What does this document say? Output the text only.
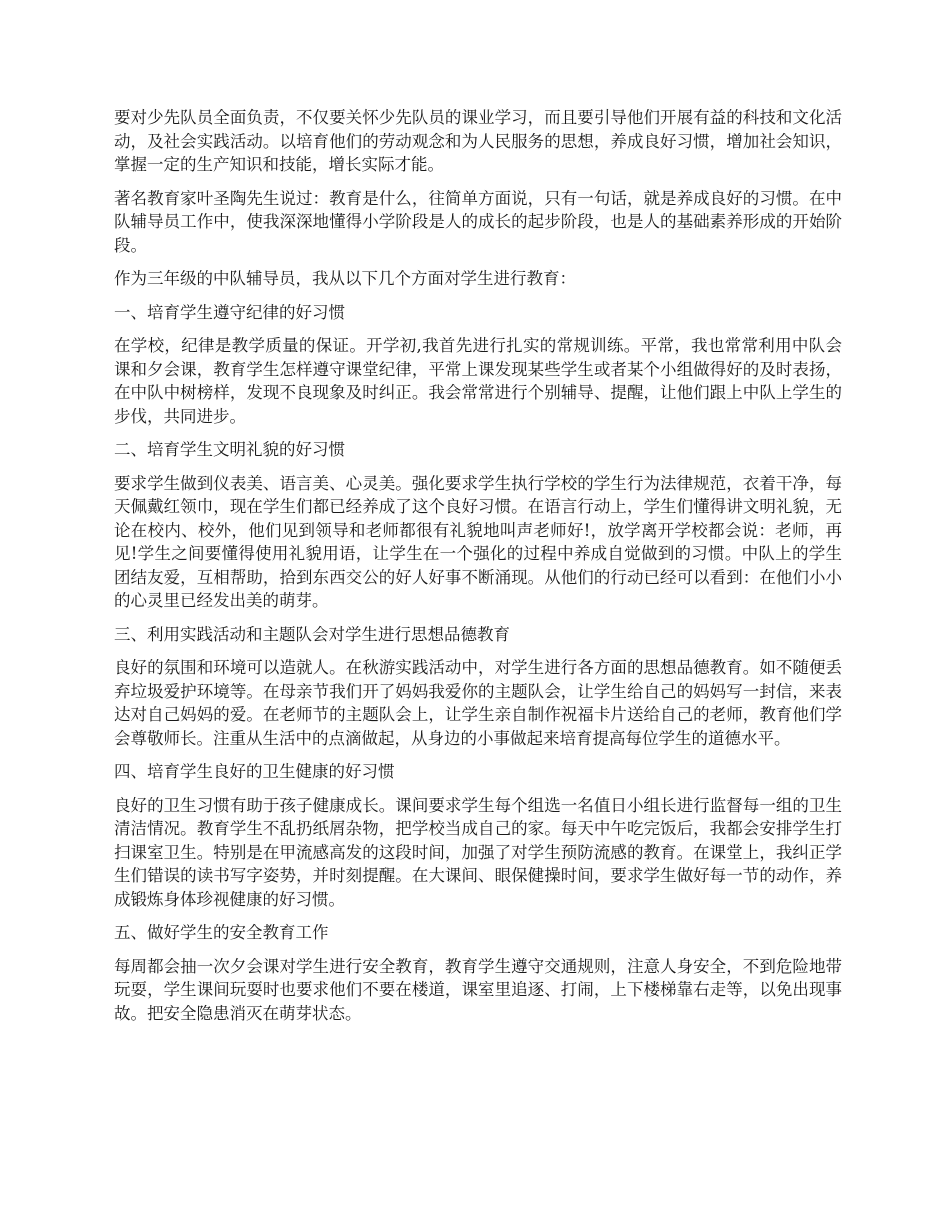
要对少先队员全面负责，不仅要关怀少先队员的课业学习，而且要引导他们开展有益的科技和文化活动，及社会实践活动。以培育他们的劳动观念和为人民服务的思想，养成良好习惯，增加社会知识，掌握一定的生产知识和技能，增长实际才能。

著名教育家叶圣陶先生说过：教育是什么，往简单方面说，只有一句话，就是养成良好的习惯。在中队辅导员工作中，使我深深地懂得小学阶段是人的成长的起步阶段，也是人的基础素养形成的开始阶段。

作为三年级的中队辅导员，我从以下几个方面对学生进行教育：

一、培育学生遵守纪律的好习惯

在学校，纪律是教学质量的保证。开学初,我首先进行扎实的常规训练。平常，我也常常利用中队会课和夕会课，教育学生怎样遵守课堂纪律，平常上课发现某些学生或者某个小组做得好的及时表扬，在中队中树榜样，发现不良现象及时纠正。我会常常进行个别辅导、提醒，让他们跟上中队上学生的步伐，共同进步。

二、培育学生文明礼貌的好习惯

要求学生做到仪表美、语言美、心灵美。强化要求学生执行学校的学生行为法律规范，衣着干净，每天佩戴红领巾，现在学生们都已经养成了这个良好习惯。在语言行动上，学生们懂得讲文明礼貌，无论在校内、校外，他们见到领导和老师都很有礼貌地叫声老师好!，放学离开学校都会说：老师，再见!学生之间要懂得使用礼貌用语，让学生在一个强化的过程中养成自觉做到的习惯。中队上的学生团结友爱，互相帮助，拾到东西交公的好人好事不断涌现。从他们的行动已经可以看到：在他们小小的心灵里已经发出美的萌芽。

三、利用实践活动和主题队会对学生进行思想品德教育

良好的氛围和环境可以造就人。在秋游实践活动中，对学生进行各方面的思想品德教育。如不随便丢弃垃圾爱护环境等。在母亲节我们开了妈妈我爱你的主题队会，让学生给自己的妈妈写一封信，来表达对自己妈妈的爱。在老师节的主题队会上，让学生亲自制作祝福卡片送给自己的老师，教育他们学会尊敬师长。注重从生活中的点滴做起，从身边的小事做起来培育提高每位学生的道德水平。

四、培育学生良好的卫生健康的好习惯

良好的卫生习惯有助于孩子健康成长。课间要求学生每个组选一名值日小组长进行监督每一组的卫生清洁情况。教育学生不乱扔纸屑杂物，把学校当成自己的家。每天中午吃完饭后，我都会安排学生打扫课室卫生。特别是在甲流感高发的这段时间，加强了对学生预防流感的教育。在课堂上，我纠正学生们错误的读书写字姿势，并时刻提醒。在大课间、眼保健操时间，要求学生做好每一节的动作，养成锻炼身体珍视健康的好习惯。

五、做好学生的安全教育工作

每周都会抽一次夕会课对学生进行安全教育，教育学生遵守交通规则，注意人身安全，不到危险地带玩耍，学生课间玩耍时也要求他们不要在楼道，课室里追逐、打闹，上下楼梯靠右走等，以免出现事故。把安全隐患消灭在萌芽状态。
